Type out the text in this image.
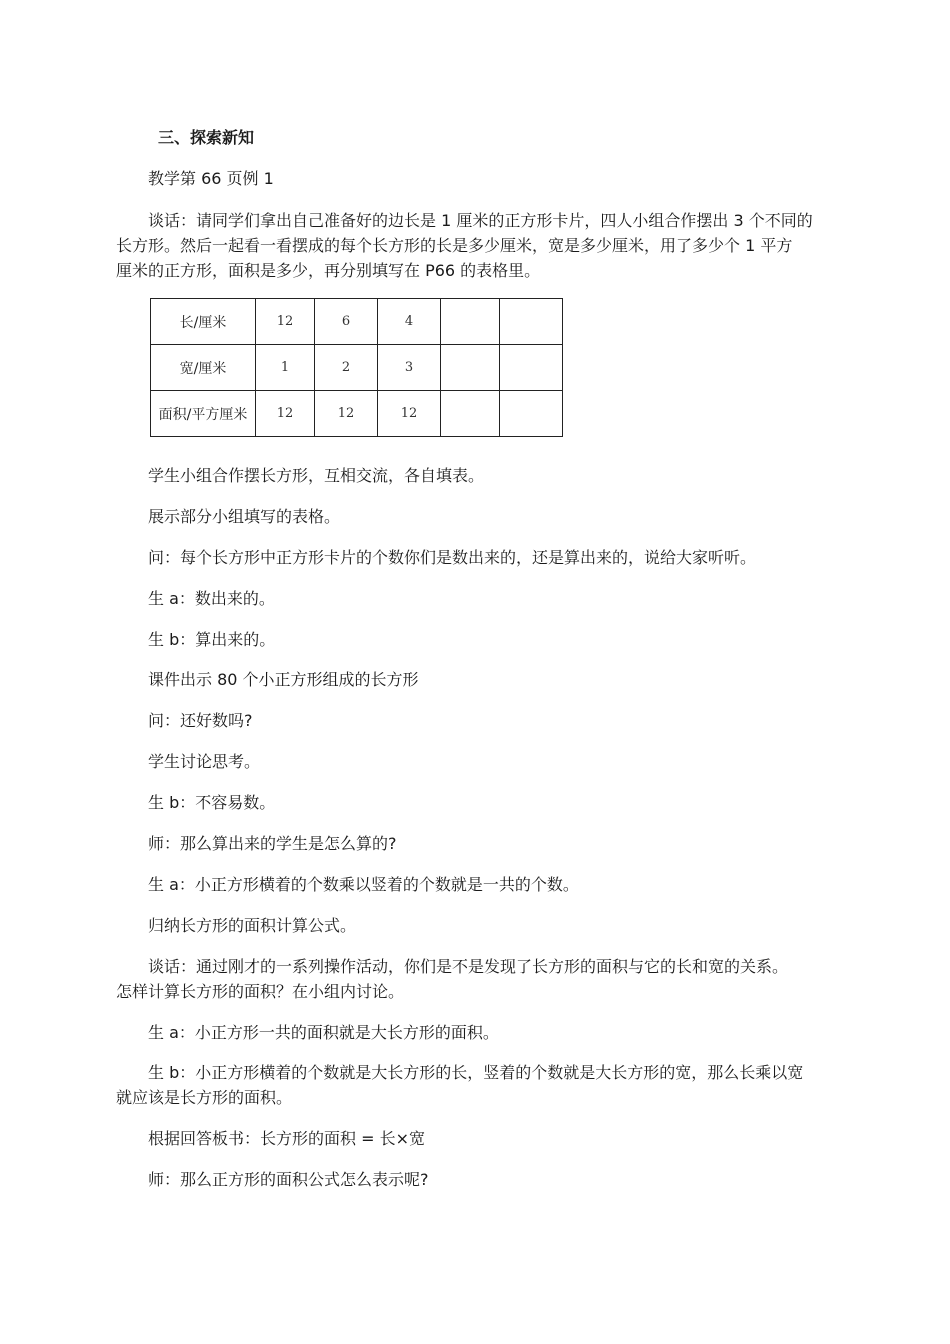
三、探索新知
教学第 66 页例 1
谈话：请同学们拿出自己准备好的边长是 1 厘米的正方形卡片，四人小组合作摆出 3 个不同的
长方形。然后一起看一看摆成的每个长方形的长是多少厘米，宽是多少厘米，用了多少个 1 平方
厘米的正方形，面积是多少，再分别填写在 P66 的表格里。
长/厘米	12	6	4		
宽/厘米	1	2	3		
面积/平方厘米	12	12	12		
学生小组合作摆长方形，互相交流，各自填表。
展示部分小组填写的表格。
问：每个长方形中正方形卡片的个数你们是数出来的，还是算出来的，说给大家听听。
生 a：数出来的。
生 b：算出来的。
课件出示 80 个小正方形组成的长方形
问：还好数吗?
学生讨论思考。
生 b：不容易数。
师：那么算出来的学生是怎么算的?
生 a：小正方形横着的个数乘以竖着的个数就是一共的个数。
归纳长方形的面积计算公式。
谈话：通过刚才的一系列操作活动，你们是不是发现了长方形的面积与它的长和宽的关系。
怎样计算长方形的面积？在小组内讨论。
生 a：小正方形一共的面积就是大长方形的面积。
生 b：小正方形横着的个数就是大长方形的长，竖着的个数就是大长方形的宽，那么长乘以宽
就应该是长方形的面积。
根据回答板书：长方形的面积 = 长×宽
师：那么正方形的面积公式怎么表示呢?
